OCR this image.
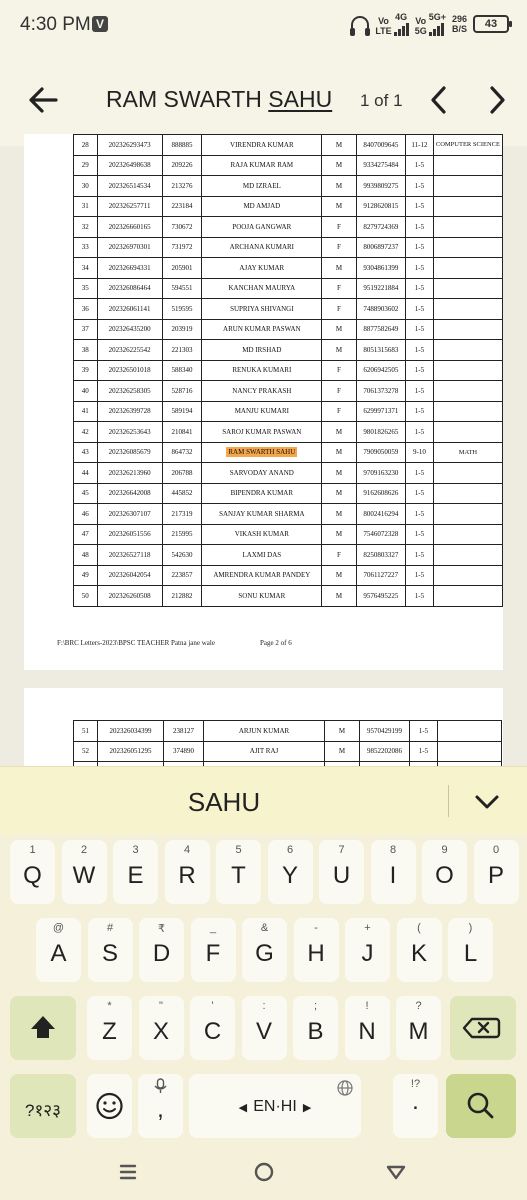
4:30 PM V	Vo
LTE
4G Vo
5G
5G+ 296
B/S	43
RAM SWARTH SAHU 1 of 1
28	202326293473	888885	VIRENDRA KUMAR	M	8407009645	11-12	COMPUTER SCIENCE
29	202326498638	209226	RAJA KUMAR RAM	M	9334275484	1-5	
30	202326514534	213276	MD IZRAEL	M	9939809275	1-5	
31	202326257711	223184	MD AMJAD	M	9128620815	1-5	
32	202326660165	730672	POOJA GANGWAR	F	8279724369	1-5	
33	202326970301	731972	ARCHANA KUMARI	F	8006897237	1-5	
34	202326694331	205901	AJAY KUMAR	M	9304861399	1-5	
35	202326086464	594551	KANCHAN MAURYA	F	9519221884	1-5	
36	202326061141	519595	SUPRIYA SHIVANGI	F	7488903602	1-5	
37	202326435200	203919	ARUN KUMAR PASWAN	M	8877582649	1-5	
38	202326225542	221303	MD IRSHAD	M	8051315683	1-5	
39	202326501018	588340	RENUKA KUMARI	F	6206942505	1-5	
40	202326258305	528716	NANCY PRAKASH	F	7061373278	1-5	
41	202326399728	589194	MANJU KUMARI	F	6299971371	1-5	
42	202326253643	210841	SAROJ KUMAR PASWAN	M	9801826265	1-5	
43	202326085679	864732	RAM SWARTH SAHU	M	7909050059	9-10	MATH
44	202326213960	206788	SARVODAY ANAND	M	9709163230	1-5	
45	202326642008	445852	BIPENDRA KUMAR	M	9162608626	1-5	
46	202326307107	217319	SANJAY KUMAR SHARMA	M	8002416294	1-5	
47	202326051556	215995	VIKASH KUMAR	M	7546072328	1-5	
48	202326527118	542630	LAXMI DAS	F	8250803327	1-5	
49	202326042054	223857	AMRENDRA KUMAR PANDEY	M	7061127227	1-5	
50	202326260508	212882	SONU KUMAR	M	9576495225	1-5	
F:\BRC Letters-2023\BPSC TEACHER Patna jane wale	Page 2 of 6
51	202326034399	238127	ARJUN KUMAR	M	9570429199	1-5	
52	202326051295	374890	AJIT RAJ	M	9852202086	1-5	

SAHU
1
Q
2
W
3
E
4
R
5
T
6
Y
7
U
8
I
9
O
0
P
@
A
#
S
₹
D
_
F
&
G
-
H
+
J
(
K
)
L
*
Z
"
X
'
C
:
V
;
B
!
N
?
M
?१२३	,	◀  EN·HI  ▶
!?
.
